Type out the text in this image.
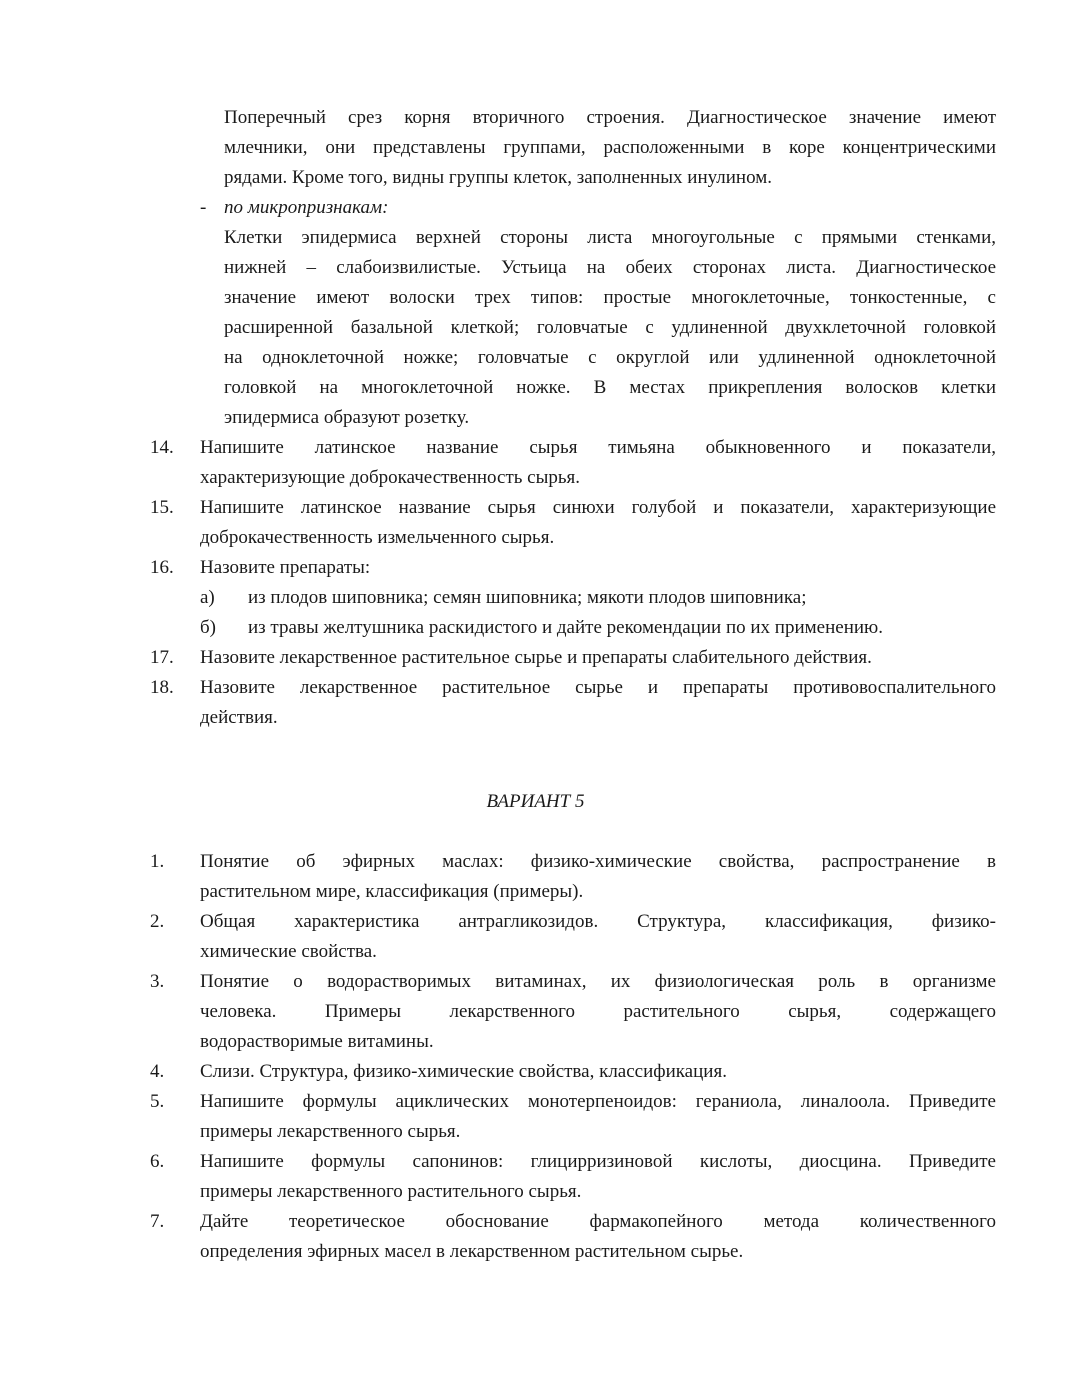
Поперечный срез корня вторичного строения. Диагностическое значение имеют
млечники, они представлены группами, расположенными в коре концентрическими
рядами. Кроме того, видны группы клеток, заполненных инулином.
- по микропризнакам:
Клетки эпидермиса верхней стороны листа многоугольные с прямыми стенками,
нижней – слабоизвилистые. Устьица на обеих сторонах листа. Диагностическое
значение имеют волоски трех типов: простые многоклеточные, тонкостенные, с
расширенной базальной клеткой; головчатые с удлиненной двухклеточной головкой
на одноклеточной ножке; головчатые с округлой или удлиненной одноклеточной
головкой на многоклеточной ножке. В местах прикрепления волосков клетки
эпидермиса образуют розетку.
14.	Напишите латинское название сырья тимьяна обыкновенного и показатели,
характеризующие доброкачественность сырья.
15.	Напишите латинское название сырья синюхи голубой и показатели, характеризующие
доброкачественность измельченного сырья.
16.	Назовите препараты:
а) из плодов шиповника; семян шиповника; мякоти плодов шиповника;
б) из травы желтушника раскидистого и дайте рекомендации по их применению.
17.	Назовите лекарственное растительное сырье и препараты слабительного действия.
18.	Назовите лекарственное растительное сырье и препараты противовоспалительного
действия.
ВАРИАНТ 5
1.	Понятие об эфирных маслах: физико-химические свойства, распространение в
растительном мире, классификация (примеры).
2.	Общая характеристика антрагликозидов. Структура, классификация, физико-
химические свойства.
3.	Понятие о водорастворимых витаминах, их физиологическая роль в организме
человека. Примеры лекарственного растительного сырья, содержащего
водорастворимые витамины.
4.	Слизи. Структура, физико-химические свойства, классификация.
5.	Напишите формулы ациклических монотерпеноидов: гераниола, линалоола. Приведите
примеры лекарственного сырья.
6.	Напишите формулы сапонинов: глицирризиновой кислоты, диосцина. Приведите
примеры лекарственного растительного сырья.
7.	Дайте теоретическое обоснование фармакопейного метода количественного
определения эфирных масел в лекарственном растительном сырье.
